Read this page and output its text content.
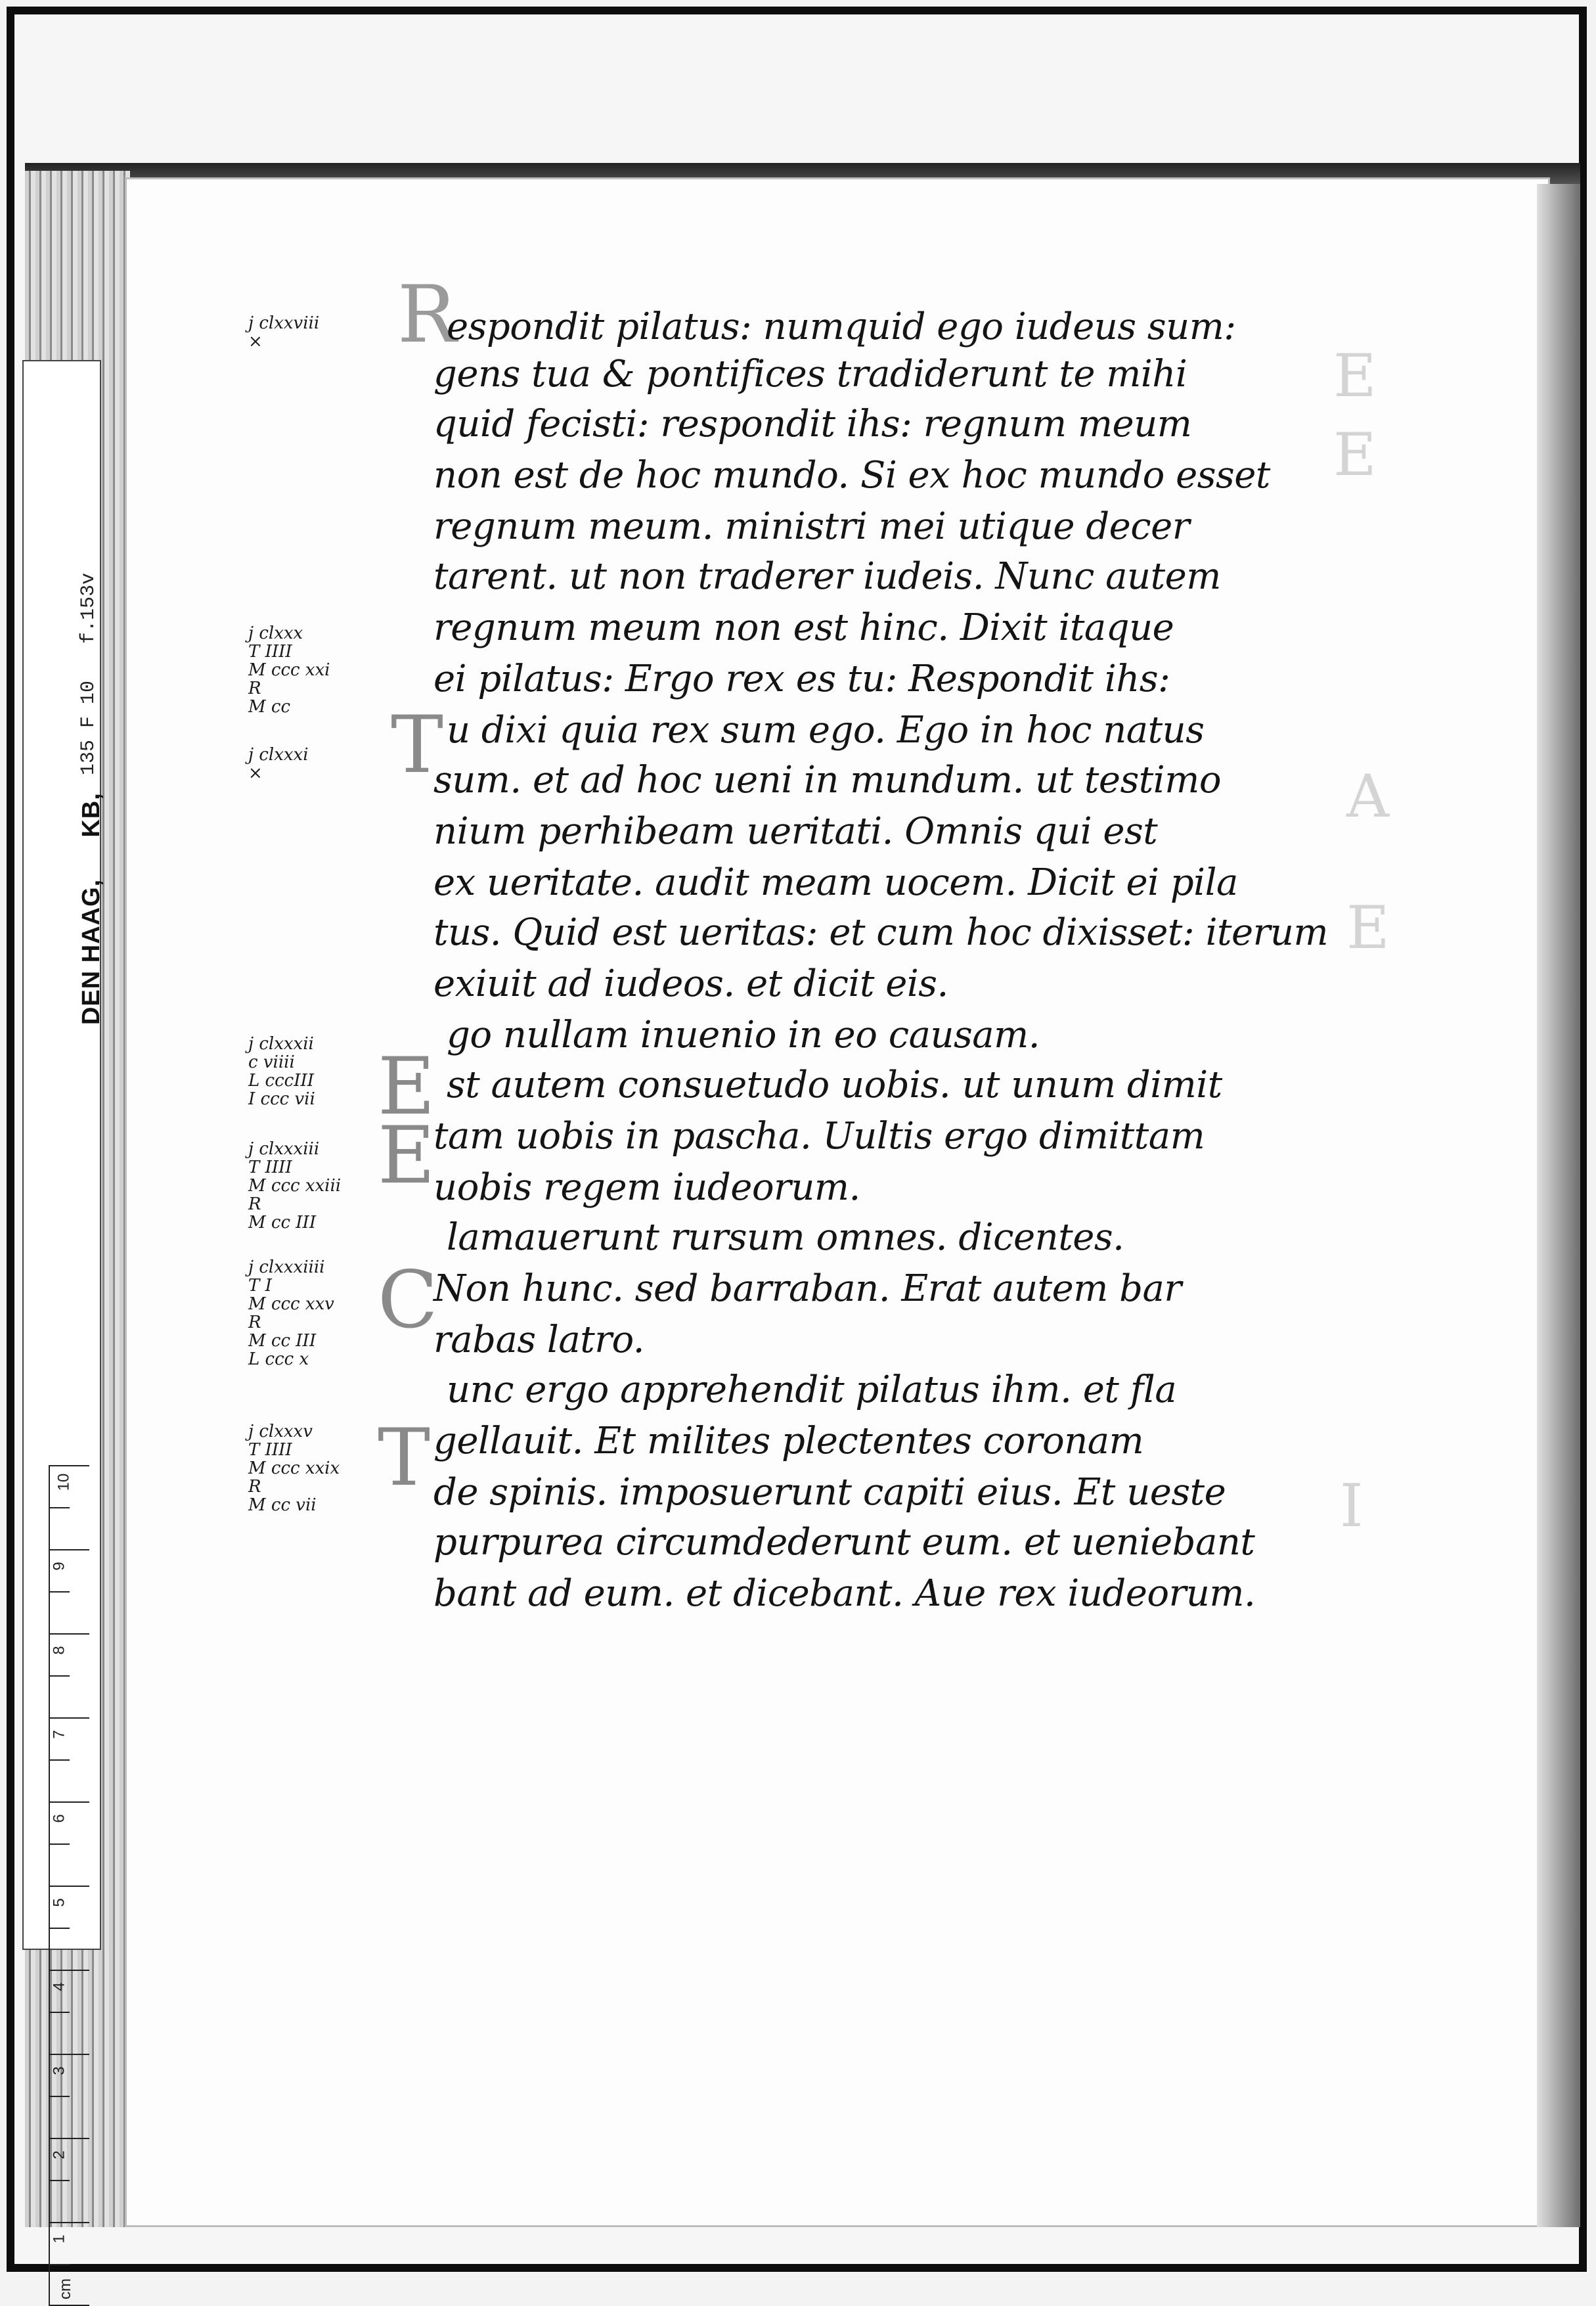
E
E
A
E
I
10
9
8
7
6
5
4
3
2
1
cm
DEN HAAG,  KB,
135 F 10  f.153v
j clxxviii
×
j clxxx
T IIII
M ccc xxi
R
M cc
j clxxxi
×
j clxxxii
c viiii
L cccIII
I ccc vii
j clxxxiii
T IIII
M ccc xxiii
R
M cc III
j clxxxiiii
T I
M ccc xxv
R
M cc III
L ccc x
j clxxxv
T IIII
M ccc xxix
R
M cc vii
R
T
E
E
C
T
espondit pilatus: numquid ego iudeus sum:
gens tua & pontifices tradiderunt te mihi
quid fecisti: respondit ihs: regnum meum
non est de hoc mundo. Si ex hoc mundo esset
regnum meum. ministri mei utique decer
tarent. ut non traderer iudeis. Nunc autem
regnum meum non est hinc. Dixit itaque
ei pilatus: Ergo rex es tu: Respondit ihs:
u dixi quia rex sum ego. Ego in hoc natus
sum. et ad hoc ueni in mundum. ut testimo
nium perhibeam ueritati. Omnis qui est
ex ueritate. audit meam uocem. Dicit ei pila
tus. Quid est ueritas: et cum hoc dixisset: iterum
exiuit ad iudeos. et dicit eis.
go nullam inuenio in eo causam.
st autem consuetudo uobis. ut unum dimit
tam uobis in pascha. Uultis ergo dimittam
uobis regem iudeorum.
lamauerunt rursum omnes. dicentes.
Non hunc. sed barraban. Erat autem bar
rabas latro.
unc ergo apprehendit pilatus ihm. et fla
gellauit. Et milites plectentes coronam
de spinis. imposuerunt capiti eius. Et ueste
purpurea circumdederunt eum. et ueniebant
bant ad eum. et dicebant. Aue rex iudeorum.
